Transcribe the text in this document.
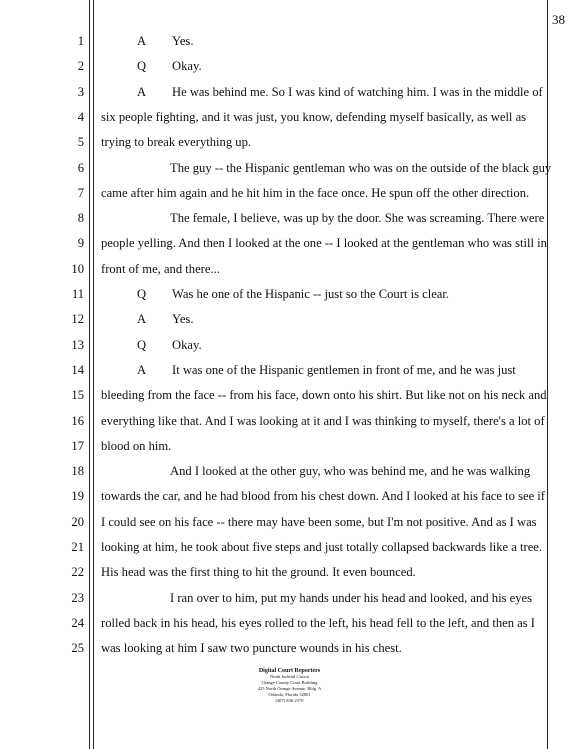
38
1	A	Yes.
2	Q	Okay.
3	A	He was behind me. So I was kind of watching him. I was in the middle of
4 six people fighting, and it was just, you know, defending myself basically, as well as
5 trying to break everything up.
6	The guy -- the Hispanic gentleman who was on the outside of the black guy
7 came after him again and he hit him in the face once. He spun off the other direction.
8	The female, I believe, was up by the door. She was screaming. There were
9 people yelling. And then I looked at the one -- I looked at the gentleman who was still in
10 front of me, and there...
11	Q	Was he one of the Hispanic -- just so the Court is clear.
12	A	Yes.
13	Q	Okay.
14	A	It was one of the Hispanic gentlemen in front of me, and he was just
15 bleeding from the face -- from his face, down onto his shirt. But like not on his neck and
16 everything like that. And I was looking at it and I was thinking to myself, there's a lot of
17 blood on him.
18	And I looked at the other guy, who was behind me, and he was walking
19 towards the car, and he had blood from his chest down. And I looked at his face to see if
20 I could see on his face -- there may have been some, but I'm not positive. And as I was
21 looking at him, he took about five steps and just totally collapsed backwards like a tree.
22 His head was the first thing to hit the ground. It even bounced.
23	I ran over to him, put my hands under his head and looked, and his eyes
24 rolled back in his head, his eyes rolled to the left, his head fell to the left, and then as I
25 was looking at him I saw two puncture wounds in his chest.
Digital Court Reporters
Ninth Judicial Circuit
Orange County Court Building
425 North Orange Avenue, Bldg. A
Orlando, Florida 32801
(407) 836-2370
